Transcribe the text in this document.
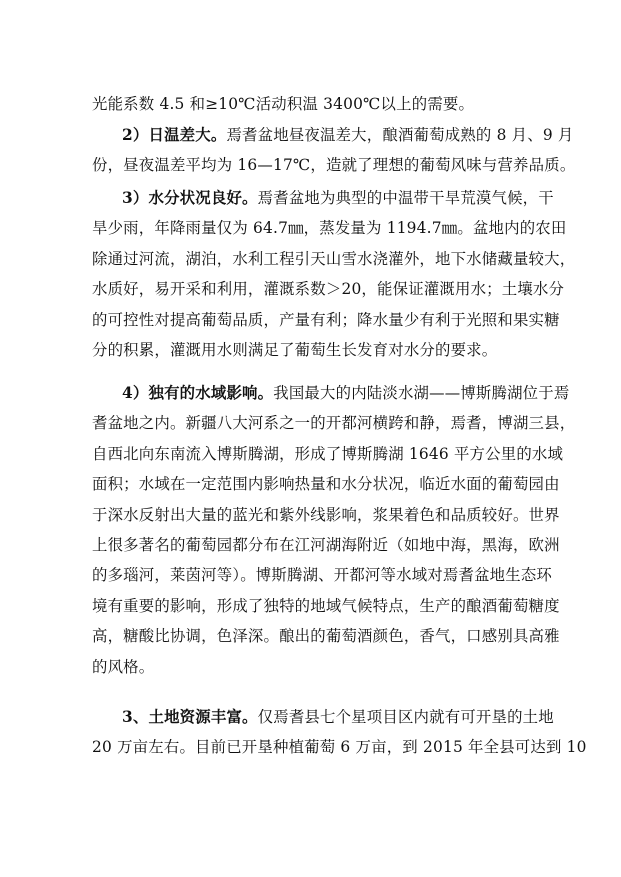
光能系数 4.5 和≥10℃活动积温 3400℃以上的需要。
2）日温差大。焉耆盆地昼夜温差大，酿酒葡萄成熟的 8 月、9 月
份，昼夜温差平均为 16—17℃，造就了理想的葡萄风味与营养品质。
3）水分状况良好。焉耆盆地为典型的中温带干旱荒漠气候，干
旱少雨，年降雨量仅为 64.7㎜，蒸发量为 1194.7㎜。盆地内的农田
除通过河流，湖泊，水利工程引天山雪水浇灌外，地下水储藏量较大，
水质好，易开采和利用，灌溉系数＞20，能保证灌溉用水；土壤水分
的可控性对提高葡萄品质，产量有利；降水量少有利于光照和果实糖
分的积累，灌溉用水则满足了葡萄生长发育对水分的要求。
4）独有的水域影响。我国最大的内陆淡水湖——博斯腾湖位于焉
耆盆地之内。新疆八大河系之一的开都河横跨和静，焉耆，博湖三县，
自西北向东南流入博斯腾湖，形成了博斯腾湖 1646 平方公里的水域
面积；水域在一定范围内影响热量和水分状况，临近水面的葡萄园由
于深水反射出大量的蓝光和紫外线影响，浆果着色和品质较好。世界
上很多著名的葡萄园都分布在江河湖海附近（如地中海，黑海，欧洲
的多瑙河，莱茵河等）。博斯腾湖、开都河等水域对焉耆盆地生态环
境有重要的影响，形成了独特的地域气候特点，生产的酿酒葡萄糖度
高，糖酸比协调，色泽深。酿出的葡萄酒颜色，香气，口感别具高雅
的风格。
3、土地资源丰富。仅焉耆县七个星项目区内就有可开垦的土地
20 万亩左右。目前已开垦种植葡萄 6 万亩，到 2015 年全县可达到 10
